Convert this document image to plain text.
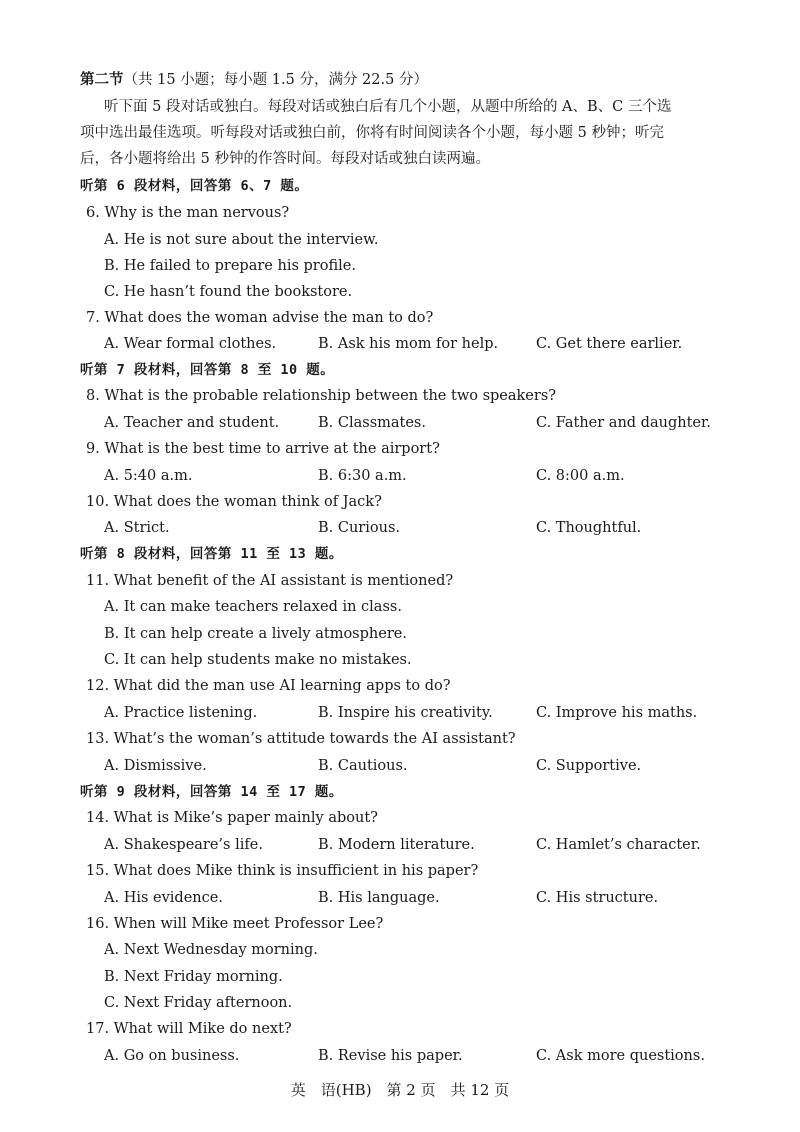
第二节（共 15 小题；每小题 1.5 分，满分 22.5 分）
听下面 5 段对话或独白。每段对话或独白后有几个小题，从题中所给的 A、B、C 三个选
项中选出最佳选项。听每段对话或独白前，你将有时间阅读各个小题，每小题 5 秒钟；听完
后，各小题将给出 5 秒钟的作答时间。每段对话或独白读两遍。
听第 6 段材料，回答第 6、7 题。
6. Why is the man nervous?
A. He is not sure about the interview.
B. He failed to prepare his profile.
C. He hasn’t found the bookstore.
7. What does the woman advise the man to do?
A. Wear formal clothes.	B. Ask his mom for help.	C. Get there earlier.
听第 7 段材料，回答第 8 至 10 题。
8. What is the probable relationship between the two speakers?
A. Teacher and student.	B. Classmates.	C. Father and daughter.
9. What is the best time to arrive at the airport?
A. 5:40 a.m.	B. 6:30 a.m.	C. 8:00 a.m.
10. What does the woman think of Jack?
A. Strict.	B. Curious.	C. Thoughtful.
听第 8 段材料，回答第 11 至 13 题。
11. What benefit of the AI assistant is mentioned?
A. It can make teachers relaxed in class.
B. It can help create a lively atmosphere.
C. It can help students make no mistakes.
12. What did the man use AI learning apps to do?
A. Practice listening.	B. Inspire his creativity.	C. Improve his maths.
13. What’s the woman’s attitude towards the AI assistant?
A. Dismissive.	B. Cautious.	C. Supportive.
听第 9 段材料，回答第 14 至 17 题。
14. What is Mike’s paper mainly about?
A. Shakespeare’s life.	B. Modern literature.	C. Hamlet’s character.
15. What does Mike think is insufficient in his paper?
A. His evidence.	B. His language.	C. His structure.
16. When will Mike meet Professor Lee?
A. Next Wednesday morning.
B. Next Friday morning.
C. Next Friday afternoon.
17. What will Mike do next?
A. Go on business.	B. Revise his paper.	C. Ask more questions.
英　语(HB)　第 2 页　共 12 页
